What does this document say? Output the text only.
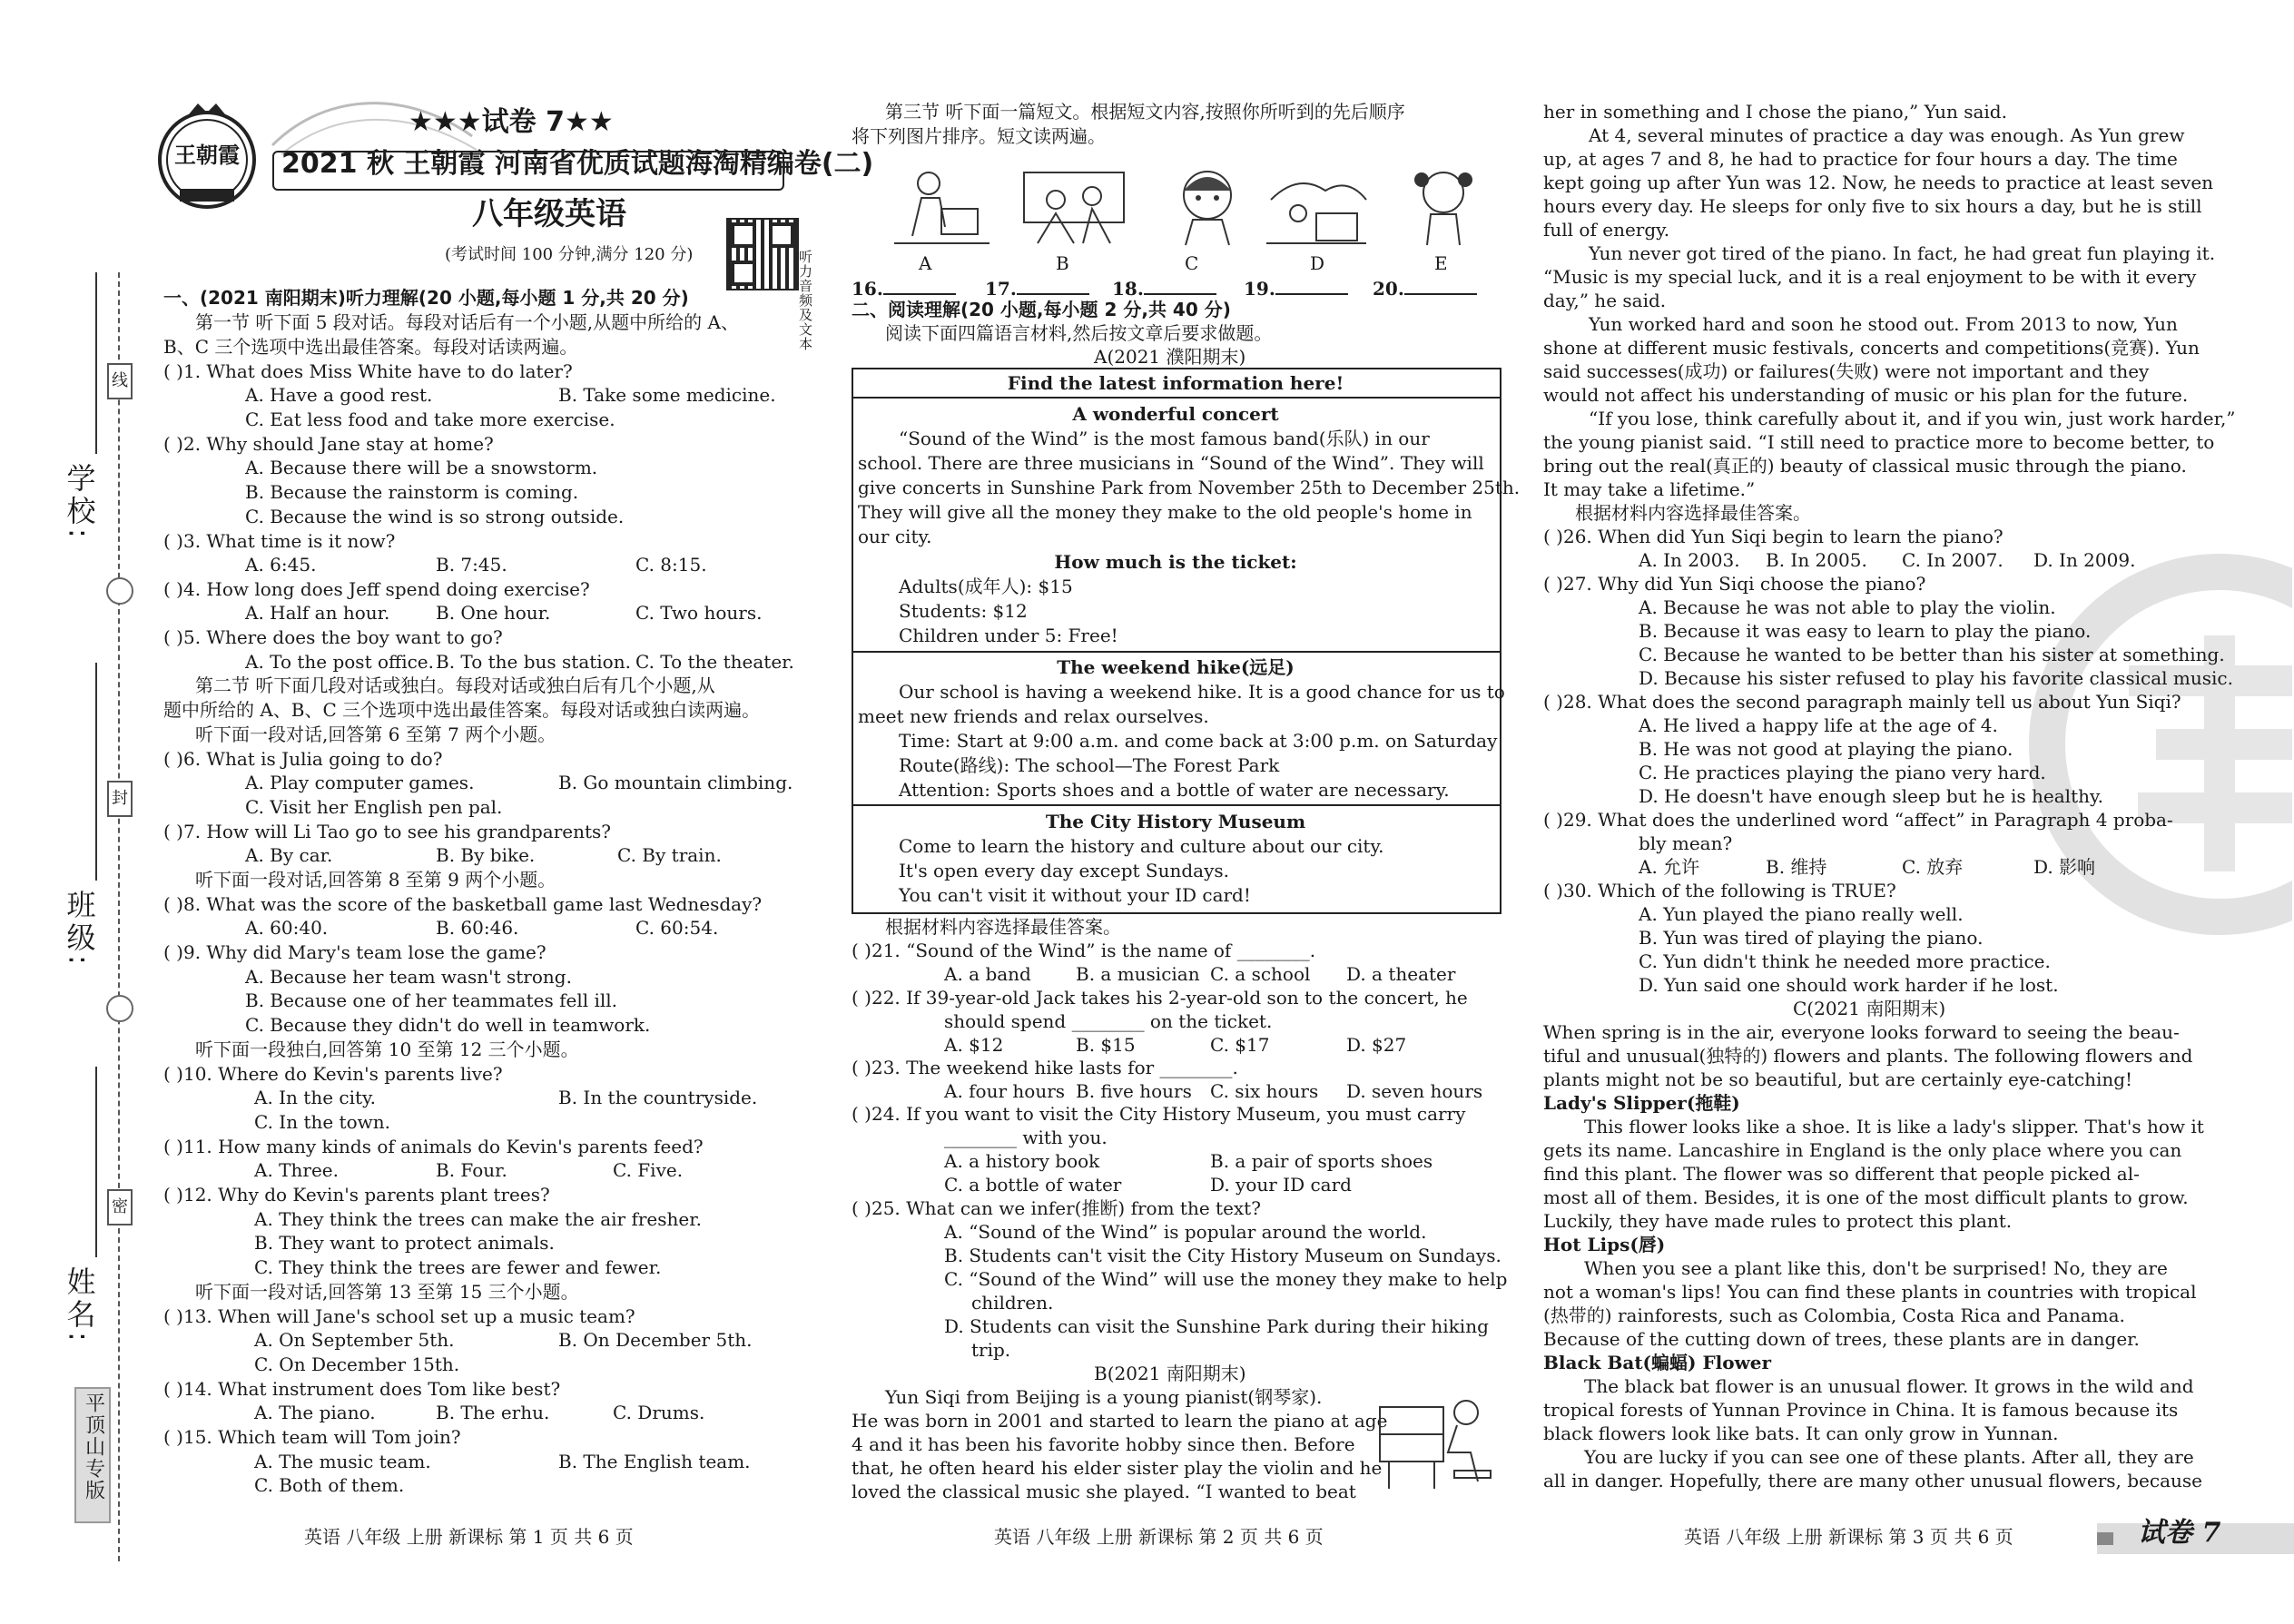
线
封
密
学校:
班级:
姓名:
平顶山专版
王朝霞
★★★试卷 7★★
2021 秋 王朝霞 河南省优质试题海淘精编卷(二)
八年级英语
(考试时间 100 分钟,满分 120 分)	听力音频及文本
一、(2021 南阳期末)听力理解(20 小题,每小题 1 分,共 20 分)
第一节 听下面 5 段对话。每段对话后有一个小题,从题中所给的 A、
B、C 三个选项中选出最佳答案。每段对话读两遍。
( )1. What does Miss White have to do later?
A. Have a good rest.	B. Take some medicine.
C. Eat less food and take more exercise.
( )2. Why should Jane stay at home?
A. Because there will be a snowstorm.
B. Because the rainstorm is coming.
C. Because the wind is so strong outside.
( )3. What time is it now?
A. 6:45.	B. 7:45.	C. 8:15.
( )4. How long does Jeff spend doing exercise?
A. Half an hour.	B. One hour.	C. Two hours.
( )5. Where does the boy want to go?
A. To the post office. B. To the bus station. C. To the theater.
第二节 听下面几段对话或独白。每段对话或独白后有几个小题,从
题中所给的 A、B、C 三个选项中选出最佳答案。每段对话或独白读两遍。
听下面一段对话,回答第 6 至第 7 两个小题。
( )6. What is Julia going to do?
A. Play computer games.	B. Go mountain climbing.
C. Visit her English pen pal.
( )7. How will Li Tao go to see his grandparents?
A. By car.	B. By bike.	C. By train.
听下面一段对话,回答第 8 至第 9 两个小题。
( )8. What was the score of the basketball game last Wednesday?
A. 60:40.	B. 60:46.	C. 60:54.
( )9. Why did Mary's team lose the game?
A. Because her team wasn't strong.
B. Because one of her teammates fell ill.
C. Because they didn't do well in teamwork.
听下面一段独白,回答第 10 至第 12 三个小题。
( )10. Where do Kevin's parents live?
A. In the city.	B. In the countryside.
C. In the town.
( )11. How many kinds of animals do Kevin's parents feed?
A. Three.	B. Four.	C. Five.
( )12. Why do Kevin's parents plant trees?
A. They think the trees can make the air fresher.
B. They want to protect animals.
C. They think the trees are fewer and fewer.
听下面一段对话,回答第 13 至第 15 三个小题。
( )13. When will Jane's school set up a music team?
A. On September 5th.	B. On December 5th.
C. On December 15th.
( )14. What instrument does Tom like best?
A. The piano.	B. The erhu.	C. Drums.
( )15. Which team will Tom join?
A. The music team.	B. The English team.
C. Both of them.
第三节 听下面一篇短文。根据短文内容,按照你所听到的先后顺序
将下列图片排序。短文读两遍。
A	B	C	D	E
16.	17.	18.	19.	20.
二、阅读理解(20 小题,每小题 2 分,共 40 分)
阅读下面四篇语言材料,然后按文章后要求做题。
A(2021 濮阳期末)
Find the latest information here!
A wonderful concert
“Sound of the Wind” is the most famous band(乐队) in our
school. There are three musicians in “Sound of the Wind”. They will
give concerts in Sunshine Park from November 25th to December 25th.
They will give all the money they make to the old people's home in
our city.
How much is the ticket:
Adults(成年人): $15
Students: $12
Children under 5: Free!
The weekend hike(远足)
Our school is having a weekend hike. It is a good chance for us to
meet new friends and relax ourselves.
Time: Start at 9:00 a.m. and come back at 3:00 p.m. on Saturday
Route(路线): The school—The Forest Park
Attention: Sports shoes and a bottle of water are necessary.
The City History Museum
Come to learn the history and culture about our city.
It's open every day except Sundays.
You can't visit it without your ID card!
根据材料内容选择最佳答案。
( )21. “Sound of the Wind” is the name of ________.
A. a band B. a musician C. a school D. a theater
( )22. If 39-year-old Jack takes his 2-year-old son to the concert, he
should spend ________ on the ticket.
A. $12	B. $15	C. $17	D. $27
( )23. The weekend hike lasts for ________.
A. four hours B. five hours C. six hours D. seven hours
( )24. If you want to visit the City History Museum, you must carry
________ with you.
A. a history book	B. a pair of sports shoes
C. a bottle of water	D. your ID card
( )25. What can we infer(推断) from the text?
A. “Sound of the Wind” is popular around the world.
B. Students can't visit the City History Museum on Sundays.
C. “Sound of the Wind” will use the money they make to help
children.
D. Students can visit the Sunshine Park during their hiking
trip.
B(2021 南阳期末)
Yun Siqi from Beijing is a young pianist(钢琴家).
He was born in 2001 and started to learn the piano at age
4 and it has been his favorite hobby since then. Before
that, he often heard his elder sister play the violin and he
loved the classical music she played. “I wanted to beat
her in something and I chose the piano,” Yun said.
At 4, several minutes of practice a day was enough. As Yun grew
up, at ages 7 and 8, he had to practice for four hours a day. The time
kept going up after Yun was 12. Now, he needs to practice at least seven
hours every day. He sleeps for only five to six hours a day, but he is still
full of energy.
Yun never got tired of the piano. In fact, he had great fun playing it.
“Music is my special luck, and it is a real enjoyment to be with it every
day,” he said.
Yun worked hard and soon he stood out. From 2013 to now, Yun
shone at different music festivals, concerts and competitions(竞赛). Yun
said successes(成功) or failures(失败) were not important and they
would not affect his understanding of music or his plan for the future.
“If you lose, think carefully about it, and if you win, just work harder,”
the young pianist said. “I still need to practice more to become better, to
bring out the real(真正的) beauty of classical music through the piano.
It may take a lifetime.”
根据材料内容选择最佳答案。
( )26. When did Yun Siqi begin to learn the piano?
A. In 2003. B. In 2005. C. In 2007. D. In 2009.
( )27. Why did Yun Siqi choose the piano?
A. Because he was not able to play the violin.
B. Because it was easy to learn to play the piano.
C. Because he wanted to be better than his sister at something.
D. Because his sister refused to play his favorite classical music.
( )28. What does the second paragraph mainly tell us about Yun Siqi?
A. He lived a happy life at the age of 4.
B. He was not good at playing the piano.
C. He practices playing the piano very hard.
D. He doesn't have enough sleep but he is healthy.
( )29. What does the underlined word “affect” in Paragraph 4 proba-
bly mean?
A. 允许	B. 维持	C. 放弃	D. 影响
( )30. Which of the following is TRUE?
A. Yun played the piano really well.
B. Yun was tired of playing the piano.
C. Yun didn't think he needed more practice.
D. Yun said one should work harder if he lost.
C(2021 南阳期末)
When spring is in the air, everyone looks forward to seeing the beau-
tiful and unusual(独特的) flowers and plants. The following flowers and
plants might not be so beautiful, but are certainly eye-catching!
Lady's Slipper(拖鞋)
This flower looks like a shoe. It is like a lady's slipper. That's how it
gets its name. Lancashire in England is the only place where you can
find this plant. The flower was so different that people picked al-
most all of them. Besides, it is one of the most difficult plants to grow.
Luckily, they have made rules to protect this plant.
Hot Lips(唇)
When you see a plant like this, don't be surprised! No, they are
not a woman's lips! You can find these plants in countries with tropical
(热带的) rainforests, such as Colombia, Costa Rica and Panama.
Because of the cutting down of trees, these plants are in danger.
Black Bat(蝙蝠) Flower
The black bat flower is an unusual flower. It grows in the wild and
tropical forests of Yunnan Province in China. It is famous because its
black flowers look like bats. It can only grow in Yunnan.
You are lucky if you can see one of these plants. After all, they are
all in danger. Hopefully, there are many other unusual flowers, because
英语 八年级 上册 新课标 第 1 页 共 6 页	英语 八年级 上册 新课标 第 2 页 共 6 页	英语 八年级 上册 新课标 第 3 页 共 6 页	试卷 7
